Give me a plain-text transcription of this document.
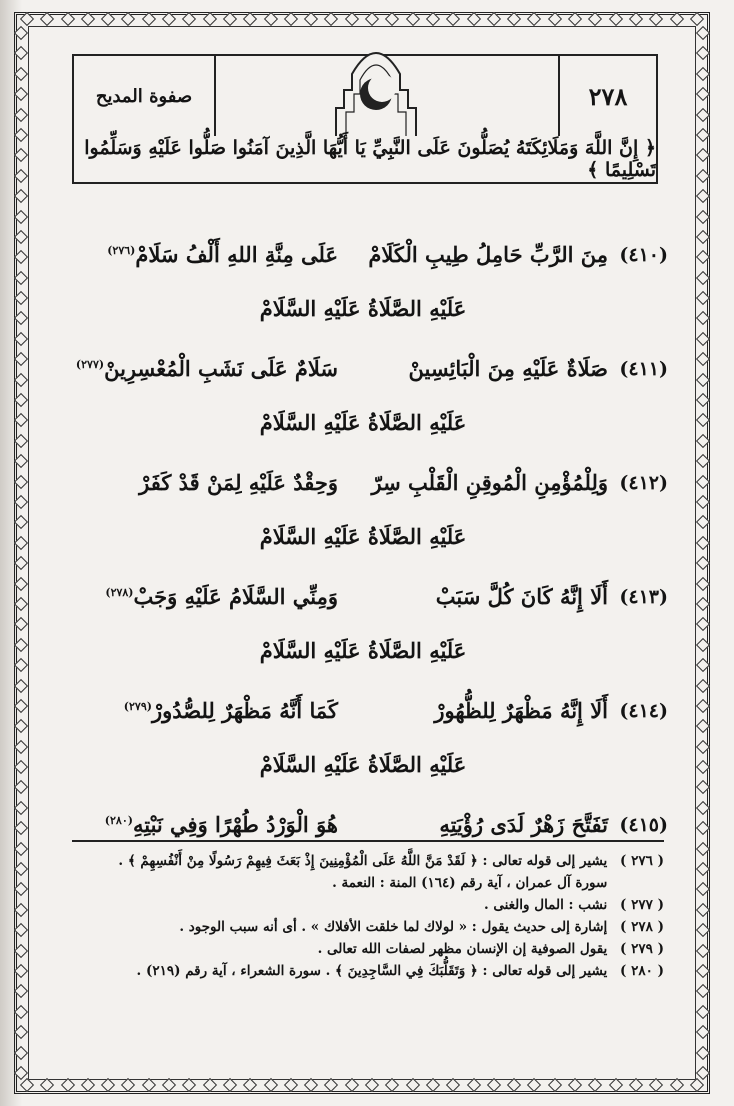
صفوة المديح	٢٧٨
﴿ إِنَّ اللَّهَ وَمَلَائِكَتَهُ يُصَلُّونَ عَلَى النَّبِيِّ يَا أَيُّهَا الَّذِينَ آمَنُوا صَلُّوا عَلَيْهِ وَسَلِّمُوا تَسْلِيمًا ﴾
(٤١٠)
مِنَ الرَّبِّ حَامِلُ طِيبِ الْكَلَامْ
عَلَى مِنَّةِ اللهِ أَلْفُ سَلَامْ$^{(٢٧٦)}$
عَلَيْهِ الصَّلَاةُ عَلَيْهِ السَّلَامْ
(٤١١)
صَلَاةٌ عَلَيْهِ مِنَ الْبَائِسِينْ
سَلَامٌ عَلَى نَشَبِ الْمُعْسِرِينْ$^{(٢٧٧)}$
عَلَيْهِ الصَّلَاةُ عَلَيْهِ السَّلَامْ
(٤١٢)
وَلِلْمُؤْمِنِ الْمُوقِنِ الْقَلْبِ سِرّ
وَحِقْدٌ عَلَيْهِ لِمَنْ قَدْ كَفَرْ
عَلَيْهِ الصَّلَاةُ عَلَيْهِ السَّلَامْ
(٤١٣)
أَلَا إِنَّهُ كَانَ كُلَّ سَبَبْ
وَمِنِّي السَّلَامُ عَلَيْهِ وَجَبْ$^{(٢٧٨)}$
عَلَيْهِ الصَّلَاةُ عَلَيْهِ السَّلَامْ
(٤١٤)
أَلَا إِنَّهُ مَظْهَرٌ لِلظُّهُورْ
كَمَا أَنَّهُ مَظْهَرٌ لِلصُّدُورْ$^{(٢٧٩)}$
عَلَيْهِ الصَّلَاةُ عَلَيْهِ السَّلَامْ
(٤١٥)
تَفَتَّحَ زَهْرٌ لَدَى رُؤْيَتِهِ
هُوَ الْوَرْدُ طُهْرًا وَفِي نَبْتِهِ$^{(٢٨٠)}$
( ٢٧٦ ) يشير إلى قوله تعالى : ﴿ لَقَدْ مَنَّ اللَّهُ عَلَى الْمُؤْمِنِينَ إِذْ بَعَثَ فِيهِمْ رَسُولًا مِنْ أَنْفُسِهِمْ ﴾ .
سورة آل عمران ، آية رقم (١٦٤) المنة : النعمة .
( ٢٧٧ ) نشب : المال والغنى .
( ٢٧٨ ) إشارة إلى حديث يقول : « لولاك لما خلقت الأفلاك » . أى أنه سبب الوجود .
( ٢٧٩ ) يقول الصوفية إن الإنسان مظهر لصفات الله تعالى .
( ٢٨٠ ) يشير إلى قوله تعالى : ﴿ وَتَقَلُّبَكَ فِي السَّاجِدِينَ ﴾ . سورة الشعراء ، آية رقم (٢١٩) .
